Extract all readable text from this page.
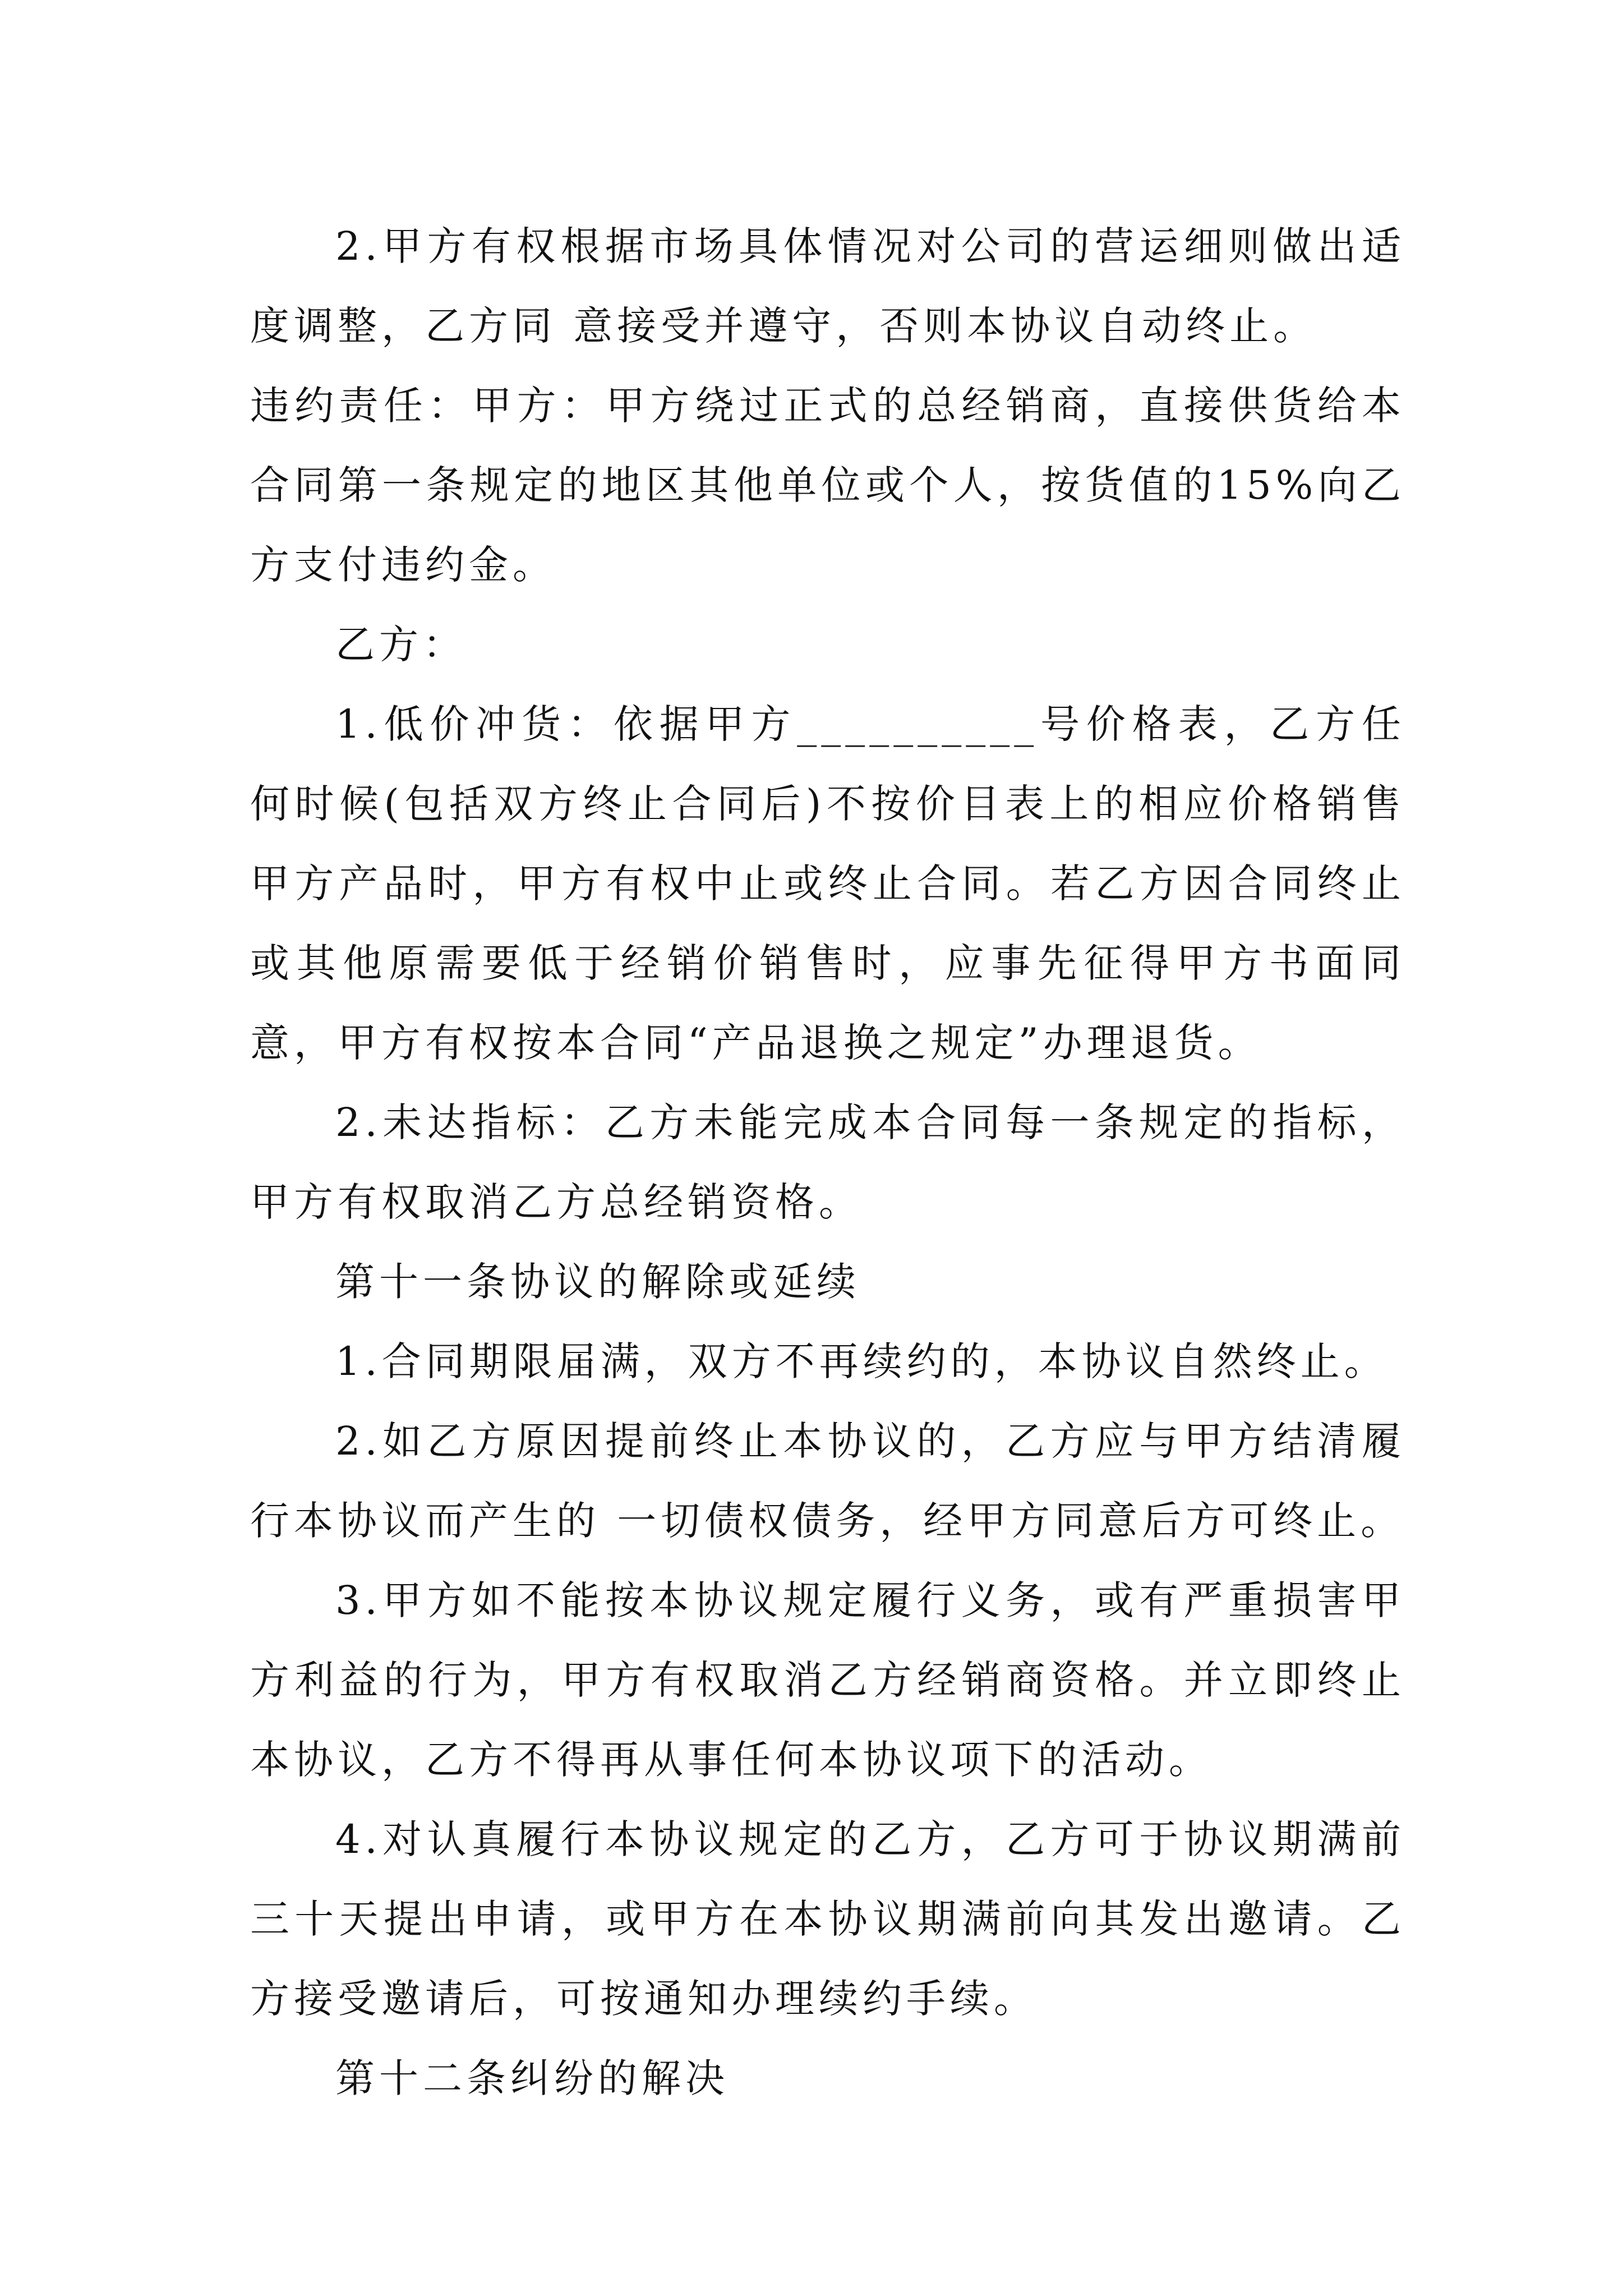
2.甲方有权根据市场具体情况对公司的营运细则做出适度调整，乙方同 意接受并遵守，否则本协议自动终止。

违约责任：甲方：甲方绕过正式的总经销商，直接供货给本合同第一条规定的地区其他单位或个人，按货值的15%向乙方支付违约金。

乙方：

1.低价冲货：依据甲方__________号价格表，乙方任何时候(包括双方终止合同后)不按价目表上的相应价格销售甲方产品时，甲方有权中止或终止合同。若乙方因合同终止或其他原需要低于经销价销售时，应事先征得甲方书面同意，甲方有权按本合同“产品退换之规定”办理退货。

2.未达指标：乙方未能完成本合同每一条规定的指标，甲方有权取消乙方总经销资格。

第十一条协议的解除或延续

1.合同期限届满，双方不再续约的，本协议自然终止。

2.如乙方原因提前终止本协议的，乙方应与甲方结清履行本协议而产生的 一切债权债务，经甲方同意后方可终止。

3.甲方如不能按本协议规定履行义务，或有严重损害甲方利益的行为，甲方有权取消乙方经销商资格。并立即终止本协议，乙方不得再从事任何本协议项下的活动。

4.对认真履行本协议规定的乙方，乙方可于协议期满前三十天提出申请，或甲方在本协议期满前向其发出邀请。乙方接受邀请后，可按通知办理续约手续。

第十二条纠纷的解决
